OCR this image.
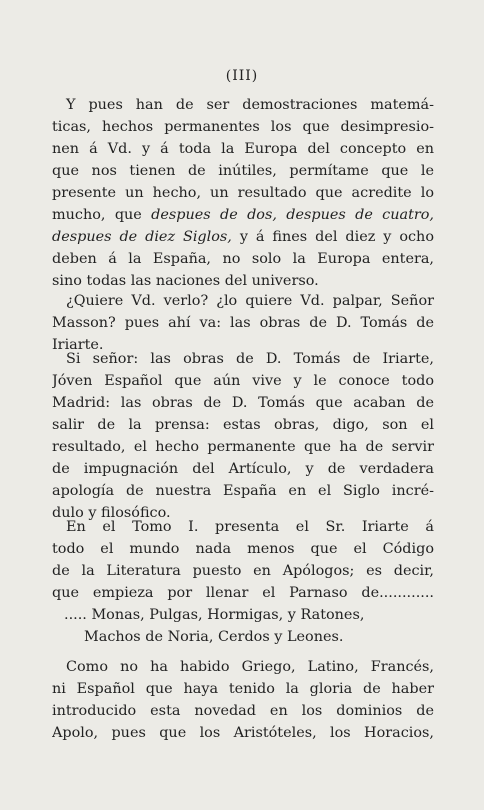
(III)
Y pues han de ser demostraciones matemá-
ticas, hechos permanentes los que desimpresio-
nen á Vd. y á toda la Europa del concepto en
que nos tienen de inútiles, permítame que le
presente un hecho, un resultado que acredite lo
mucho, que despues de dos, despues de cuatro,
despues de diez Siglos, y á fines del diez y ocho
deben á la España, no solo la Europa entera,
sino todas las naciones del universo.
¿Quiere Vd. verlo? ¿lo quiere Vd. palpar, Señor
Masson? pues ahí va: las obras de D. Tomás de
Iriarte.
Si señor: las obras de D. Tomás de Iriarte,
Jóven Español que aún vive y le conoce todo
Madrid: las obras de D. Tomás que acaban de
salir de la prensa: estas obras, digo, son el
resultado, el hecho permanente que ha de servir
de impugnación del Artículo, y de verdadera
apología de nuestra España en el Siglo incré-
dulo y filosófico.
En el Tomo I. presenta el Sr. Iriarte á
todo el mundo nada menos que el Código
de la Literatura puesto en Apólogos; es decir,
que empieza por llenar el Parnaso de............
..... Monas, Pulgas, Hormigas, y Ratones,
Machos de Noria, Cerdos y Leones.
Como no ha habido Griego, Latino, Francés,
ni Español que haya tenido la gloria de haber
introducido esta novedad en los dominios de
Apolo, pues que los Aristóteles, los Horacios,
